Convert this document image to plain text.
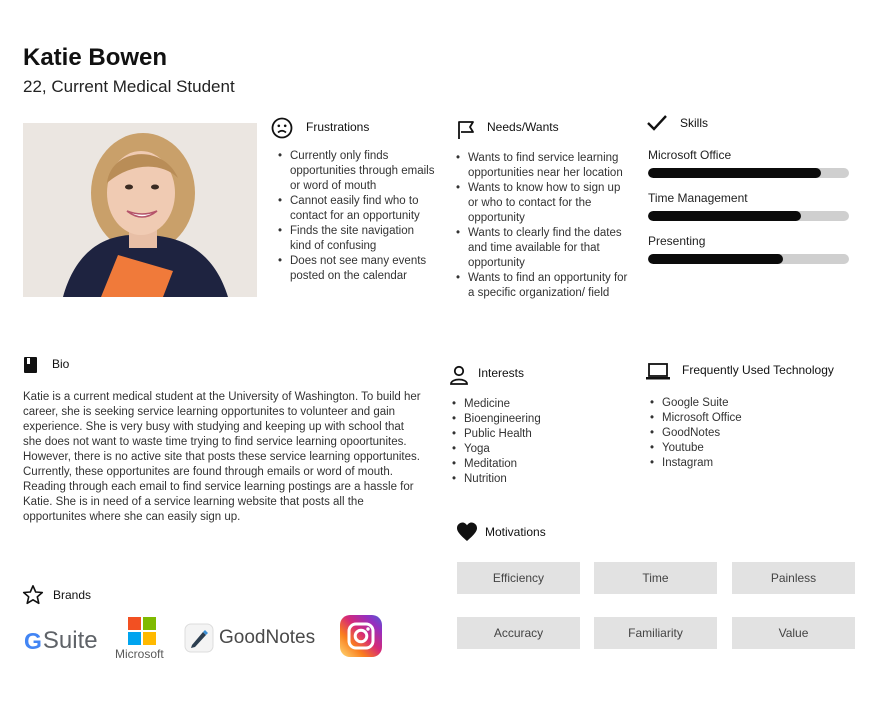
Katie Bowen
22, Current Medical Student
Frustrations
• Currently only finds opportunities through emails or word of mouth
• Cannot easily find who to contact for an opportunity
• Finds the site navigation kind of confusing
• Does not see many events posted on the calendar
Needs/Wants
• Wants to find service learning opportunities near her location
• Wants to know how to sign up or who to contact for the opportunity
• Wants to clearly find the dates and time available for that opportunity
• Wants to find an opportunity for a specific organization/ field
Skills
Microsoft Office
Time Management
Presenting
Bio
Katie is a current medical student at the University of Washington. To build her career, she is seeking service learning opportunites to volunteer and gain experience. She is very busy with studying and keeping up with school that she does not want to waste time trying to find service learning opoortunites. However, there is no active site that posts these service learning opportunites. Currently, these opportunites are found through emails or word of mouth. Reading through each email to find service learning postings are a hassle for Katie. She is in need of a service learning website that posts all the opportunites where she can easily sign up.
Interests
• Medicine
• Bioengineering
• Public Health
• Yoga
• Meditation
• Nutrition
Frequently Used Technology
• Google Suite
• Microsoft Office
• GoodNotes
• Youtube
• Instagram
Motivations
Efficiency	Time	Painless
Accuracy	Familiarity	Value
Brands
G Suite Microsoft
GoodNotes
